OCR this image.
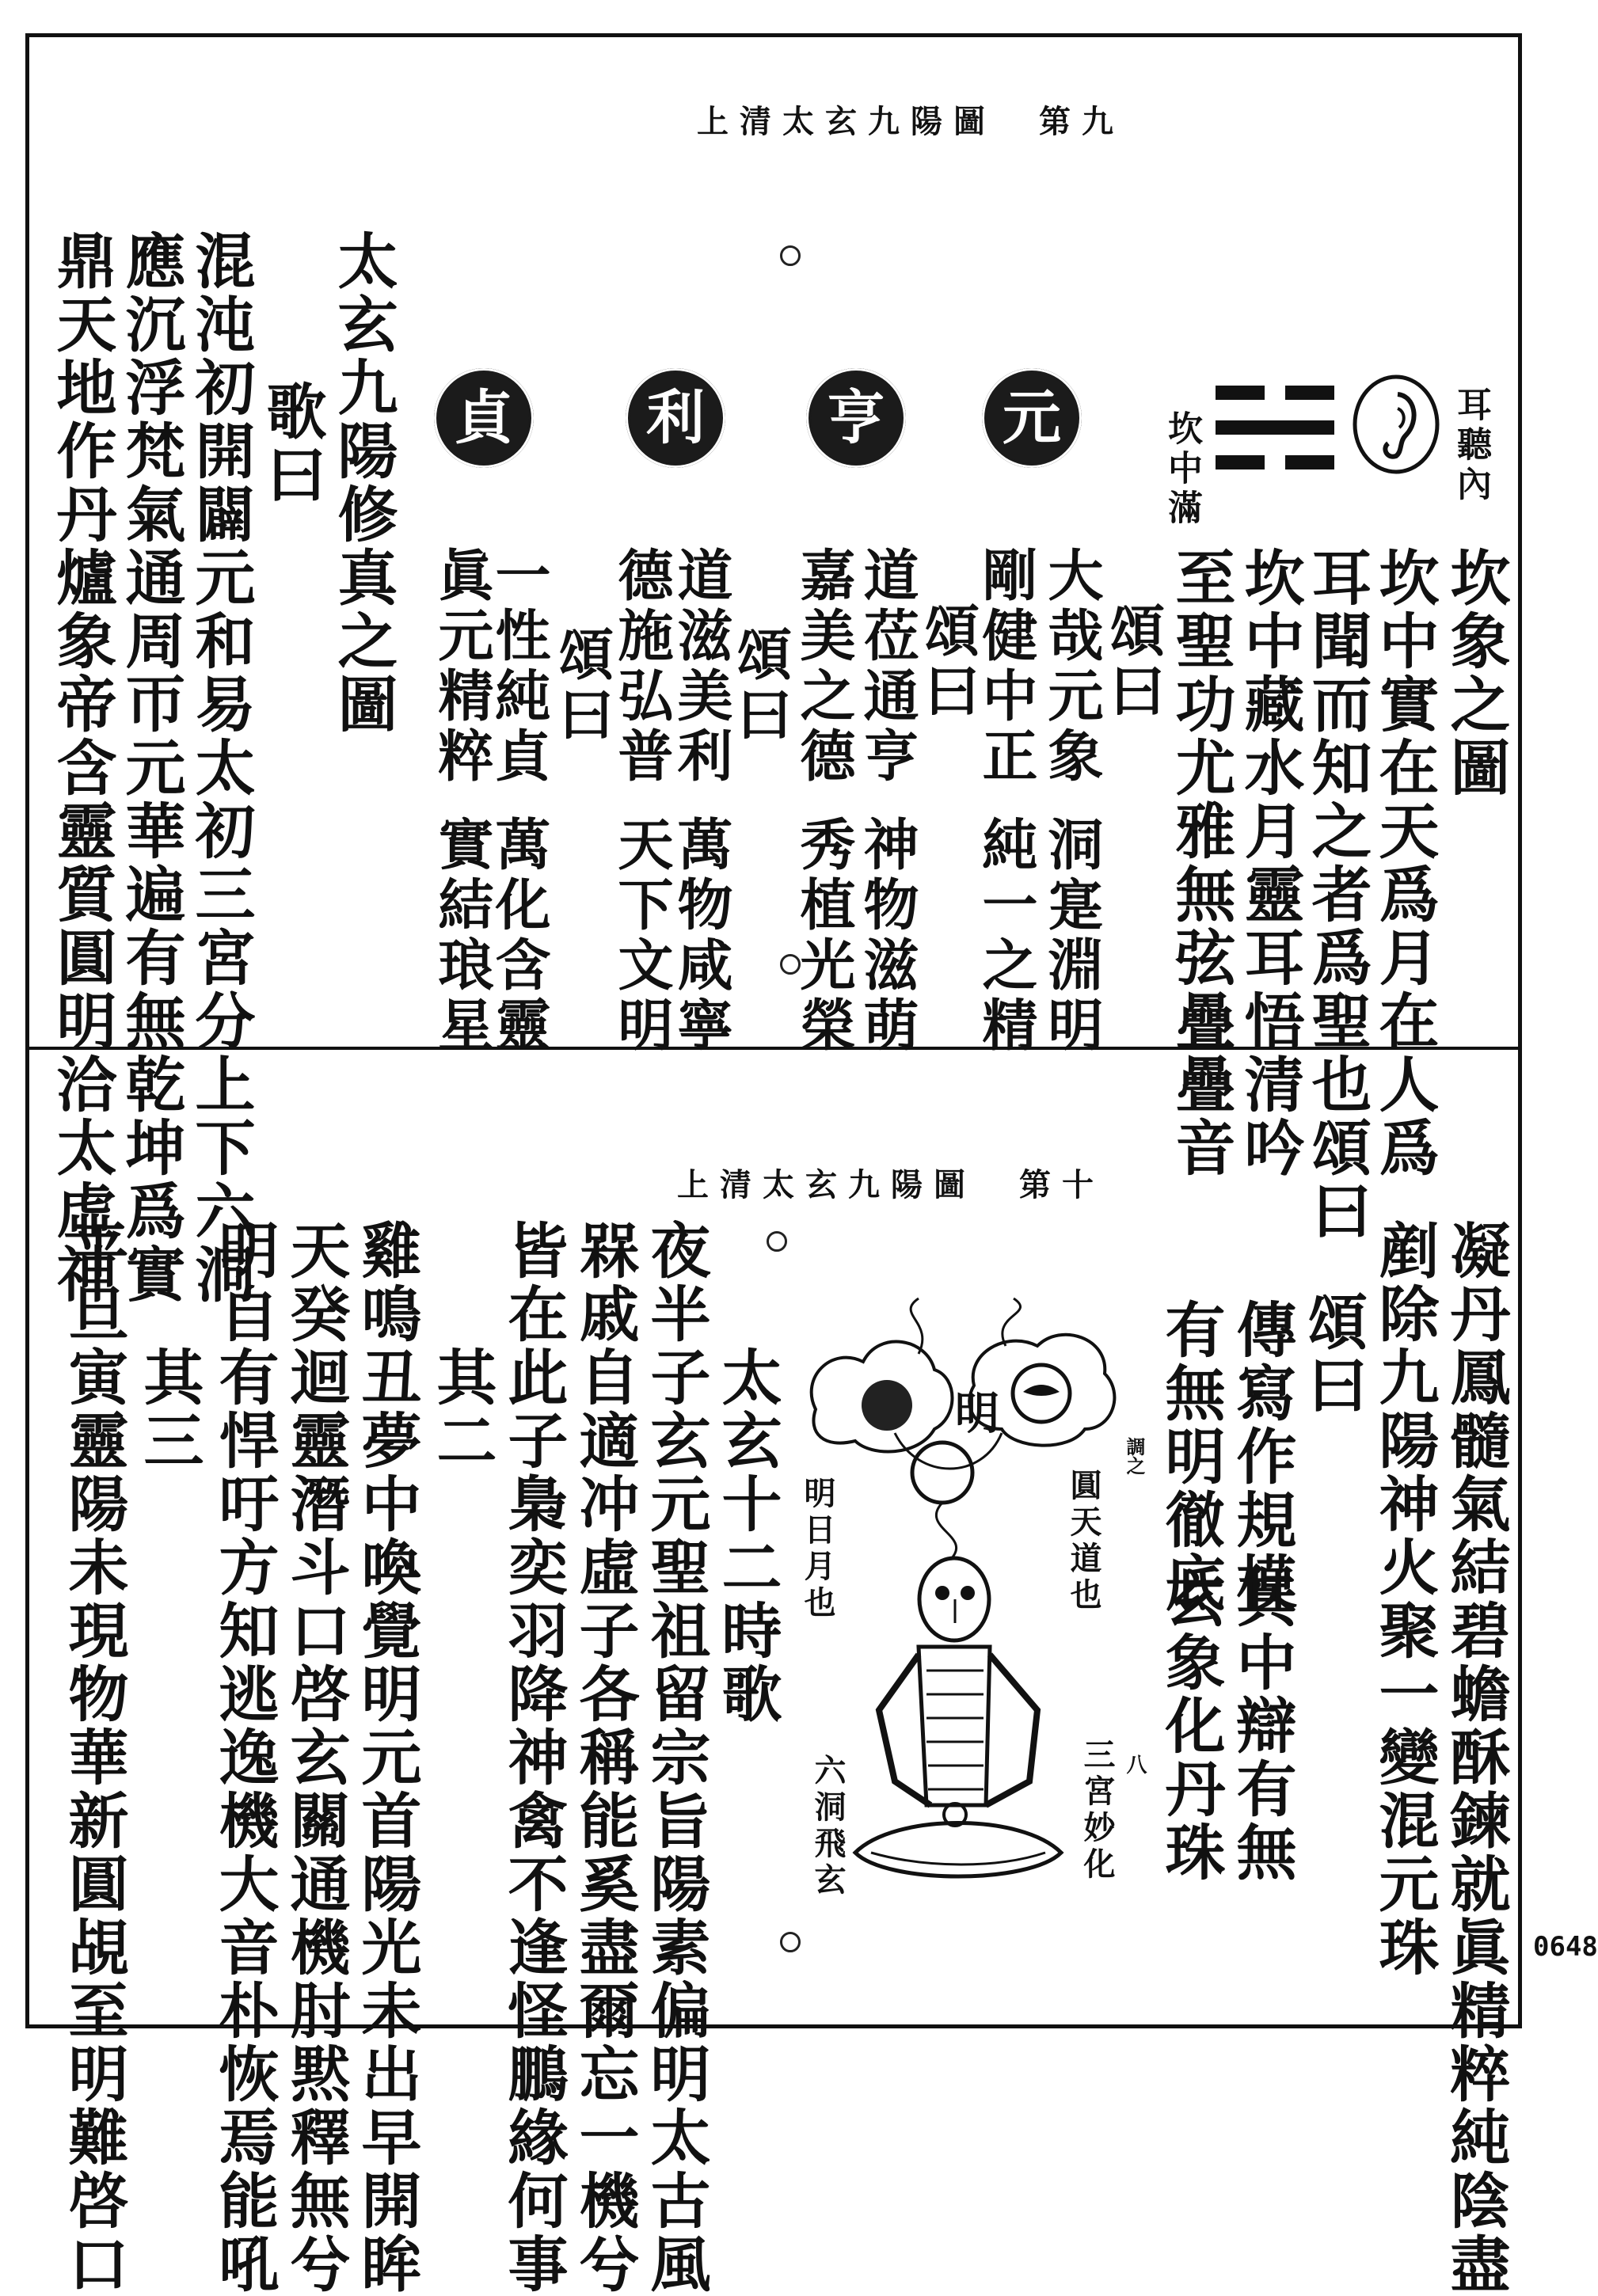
上清太玄九陽圖　第九
耳聽內
坎中滿
坎象之圖
坎中實在天爲月在人爲
耳聞而知之者爲聖也頌曰
坎中藏水月靈耳悟清吟
至聖功尤雅無弦疊疊音
元
亨
利
貞
頌曰
大哉元象
剛健中正
洞寔淵明
純一之精
頌曰
道莅通亨
嘉美之德
神物滋萌
秀植光榮
頌曰
道滋美利
德施弘普
萬物咸寧
天下文明
頌曰
一性純貞
眞元精粹
萬化含靈
實結琅星
太玄九陽修真之圖
歌曰
混沌初開闢元和易太初三宮分上下六洞
應沉浮梵氣通周帀元華遍有無乾坤爲實
鼎天地作丹爐象帝含靈質圓明洽太虛神	上清太玄九陽圖　第十
凝丹鳳髓氣結碧蟾酥鍊就眞精粹純陰盡
剷除九陽神火聚一變混元珠
頌曰
傳寫作規模
有無明徹底
其中辯有無
玄象化丹珠
明
明日月也	圓天道也
三宮妙化
六洞飛玄
調之
八
太玄十二時歌
夜半子玄元聖祖留宗旨陽素偏明太古風
槑戚自適冲虛子各稱能奚盡爾忘一機兮
皆在此子梟奕羽降神禽不逢怪鵬緣何事
其二
雞鳴丑夢中喚覺明元首陽光未出早開眸
天癸迴靈潛斗口啓玄關通機肘黙釋無兮
明自有悍吁方知逃逸機大音朴恢焉能吼
其三
平旦寅靈陽未現物華新圓覘至明難啓口	0648
